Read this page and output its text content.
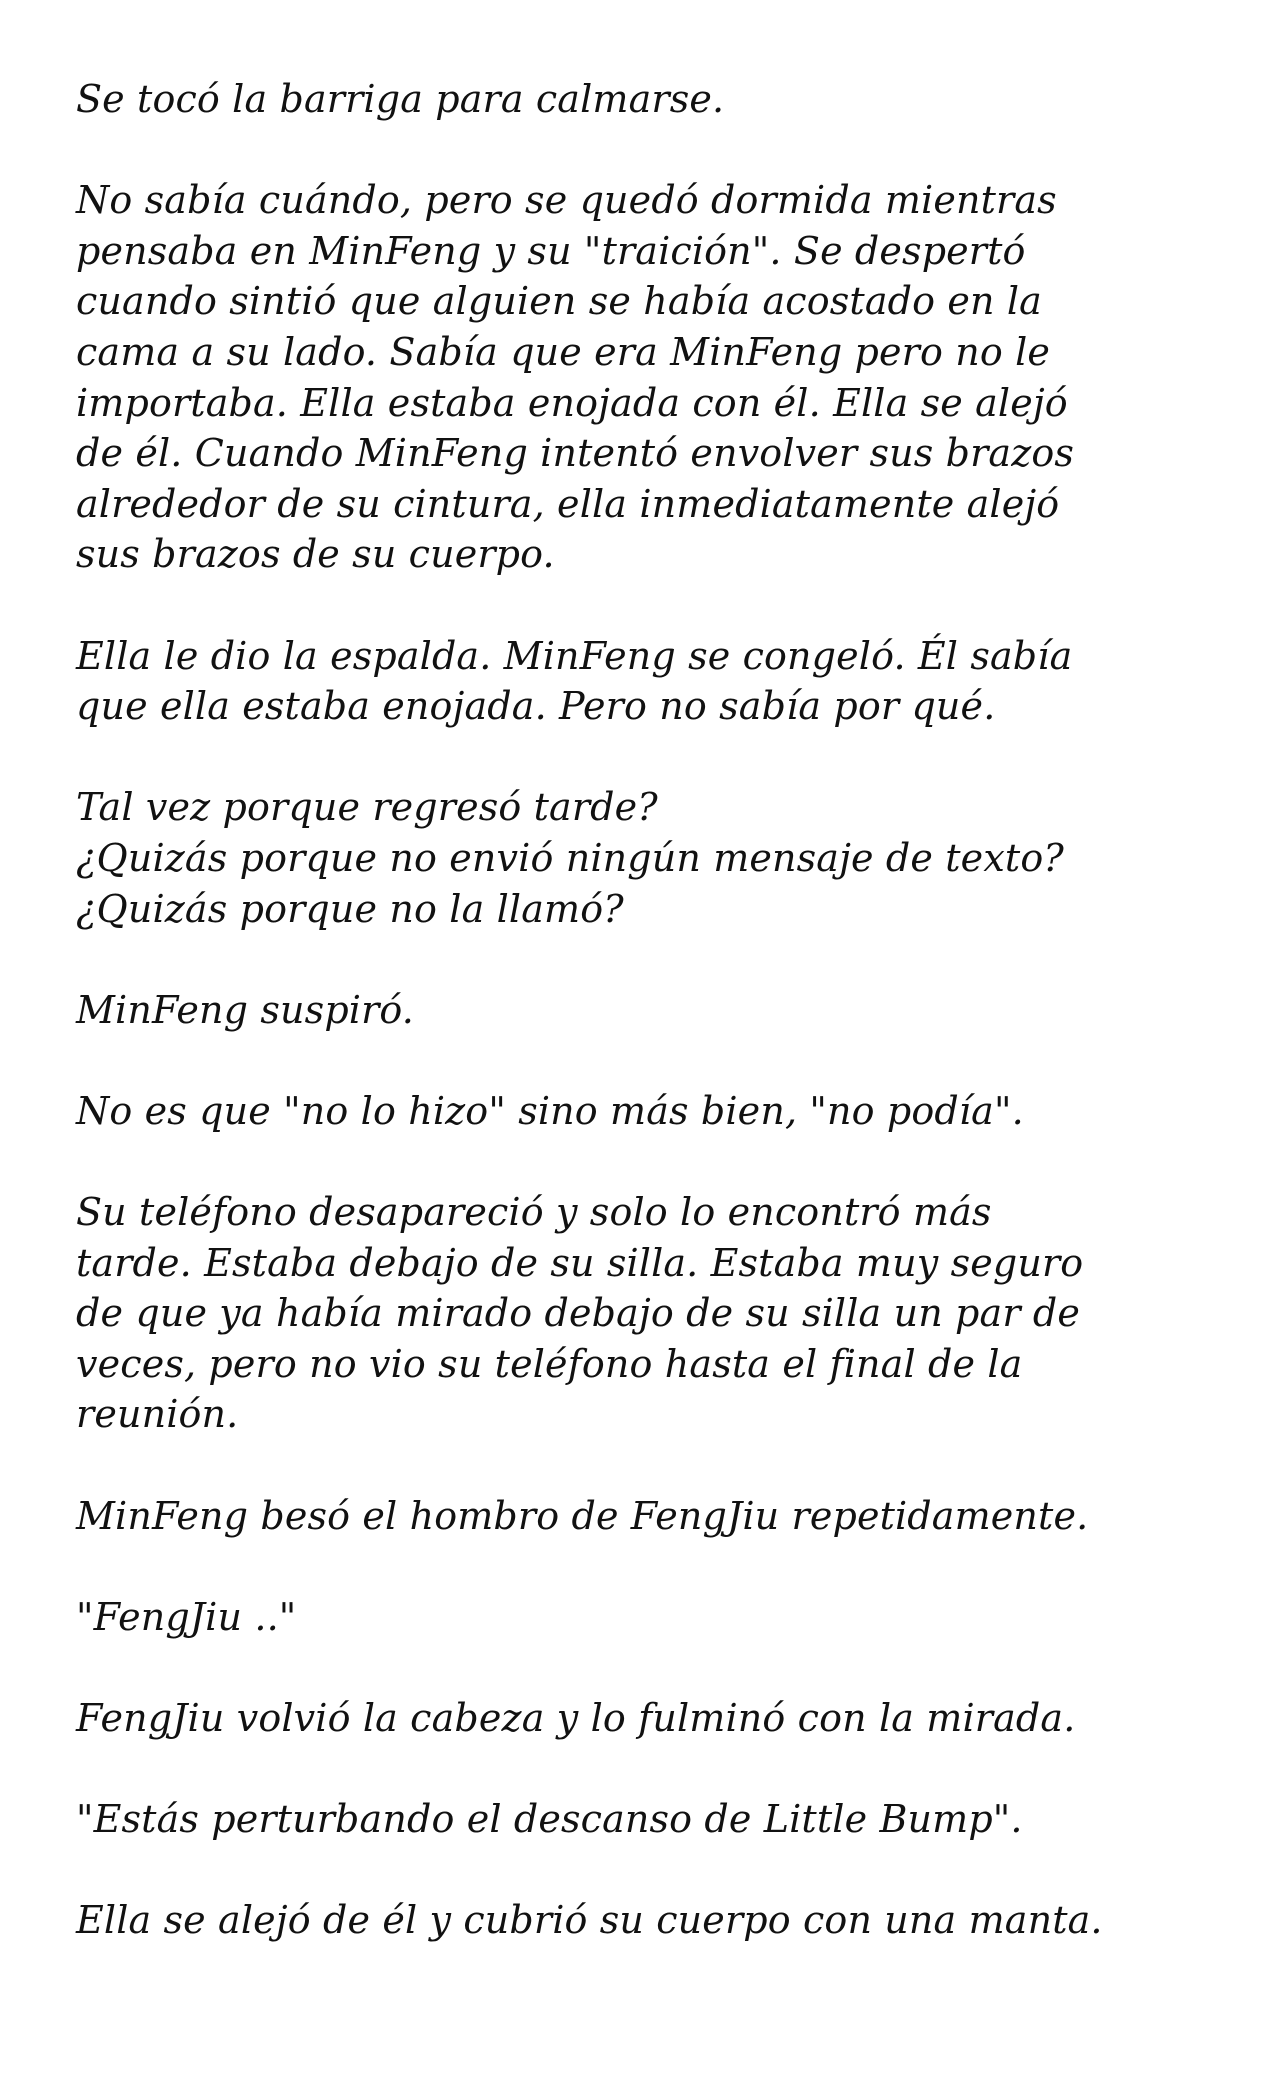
Se tocó la barriga para calmarse.

No sabía cuándo, pero se quedó dormida mientras
pensaba en MinFeng y su "traición". Se despertó
cuando sintió que alguien se había acostado en la
cama a su lado. Sabía que era MinFeng pero no le
importaba. Ella estaba enojada con él. Ella se alejó
de él. Cuando MinFeng intentó envolver sus brazos
alrededor de su cintura, ella inmediatamente alejó
sus brazos de su cuerpo.

Ella le dio la espalda. MinFeng se congeló. Él sabía
que ella estaba enojada. Pero no sabía por qué.

Tal vez porque regresó tarde?
¿Quizás porque no envió ningún mensaje de texto?
¿Quizás porque no la llamó?

MinFeng suspiró.

No es que "no lo hizo" sino más bien, "no podía".

Su teléfono desapareció y solo lo encontró más
tarde. Estaba debajo de su silla. Estaba muy seguro
de que ya había mirado debajo de su silla un par de
veces, pero no vio su teléfono hasta el final de la
reunión.

MinFeng besó el hombro de FengJiu repetidamente.

"FengJiu .."

FengJiu volvió la cabeza y lo fulminó con la mirada.

"Estás perturbando el descanso de Little Bump".

Ella se alejó de él y cubrió su cuerpo con una manta.
